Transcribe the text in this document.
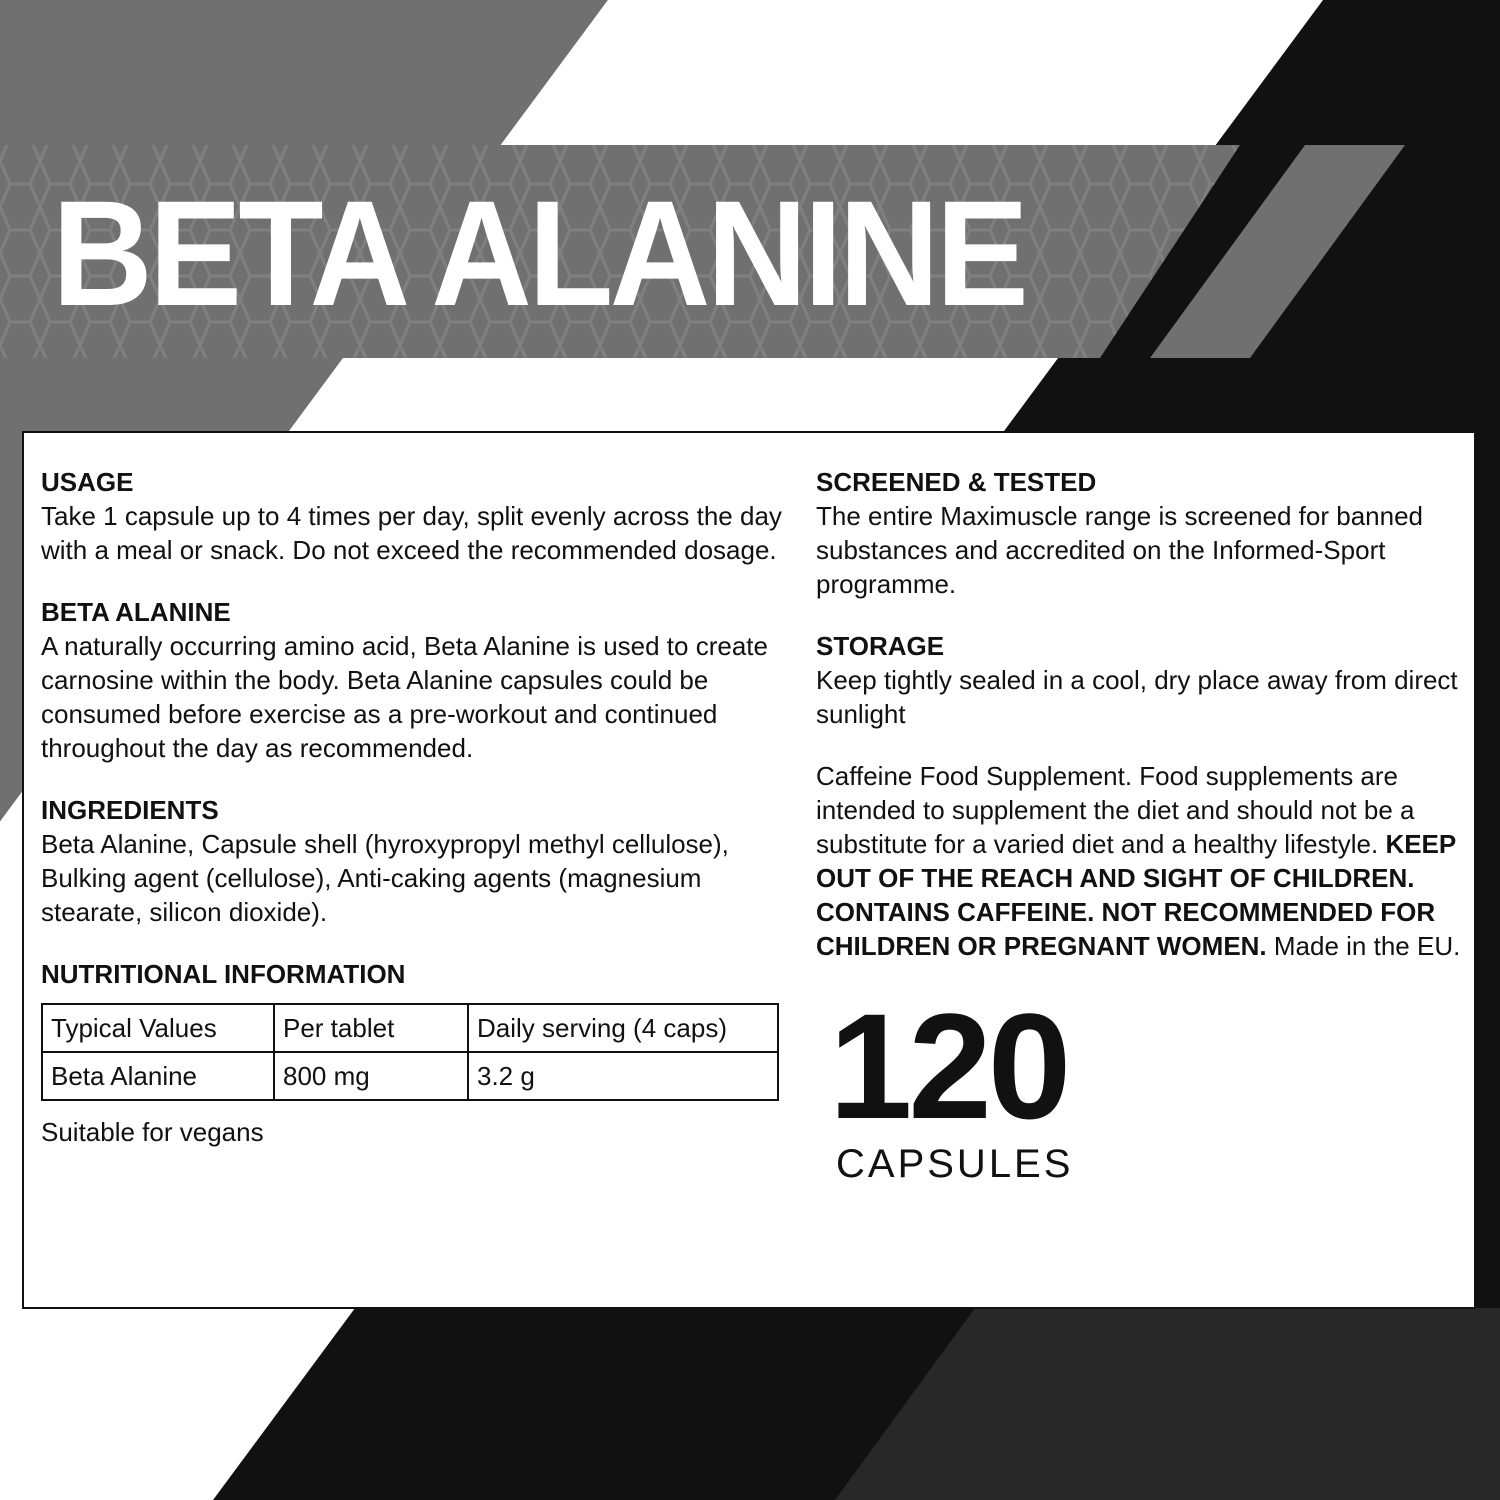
BETA ALANINE
USAGE

Take 1 capsule up to 4 times per day, split evenly across the day with a meal or snack. Do not exceed the recommended dosage.

BETA ALANINE

A naturally occurring amino acid, Beta Alanine is used to create carnosine within the body. Beta Alanine capsules could be consumed before exercise as a pre-workout and continued throughout the day as recommended.

INGREDIENTS

Beta Alanine, Capsule shell (hyroxypropyl methyl cellulose), Bulking agent (cellulose), Anti-caking agents (magnesium stearate, silicon dioxide).

NUTRITIONAL INFORMATION
Typical Values	Per tablet	Daily serving (4 caps)
Beta Alanine	800 mg	3.2 g

Suitable for vegans

SCREENED & TESTED

The entire Maximuscle range is screened for banned substances and accredited on the Informed-Sport programme.

STORAGE

Keep tightly sealed in a cool, dry place away from direct sunlight

Caffeine Food Supplement. Food supplements are intended to supplement the diet and should not be a substitute for a varied diet and a healthy lifestyle. KEEP OUT OF THE REACH AND SIGHT OF CHILDREN. CONTAINS CAFFEINE. NOT RECOMMENDED FOR CHILDREN OR PREGNANT WOMEN. Made in the EU.

120
CAPSULES
